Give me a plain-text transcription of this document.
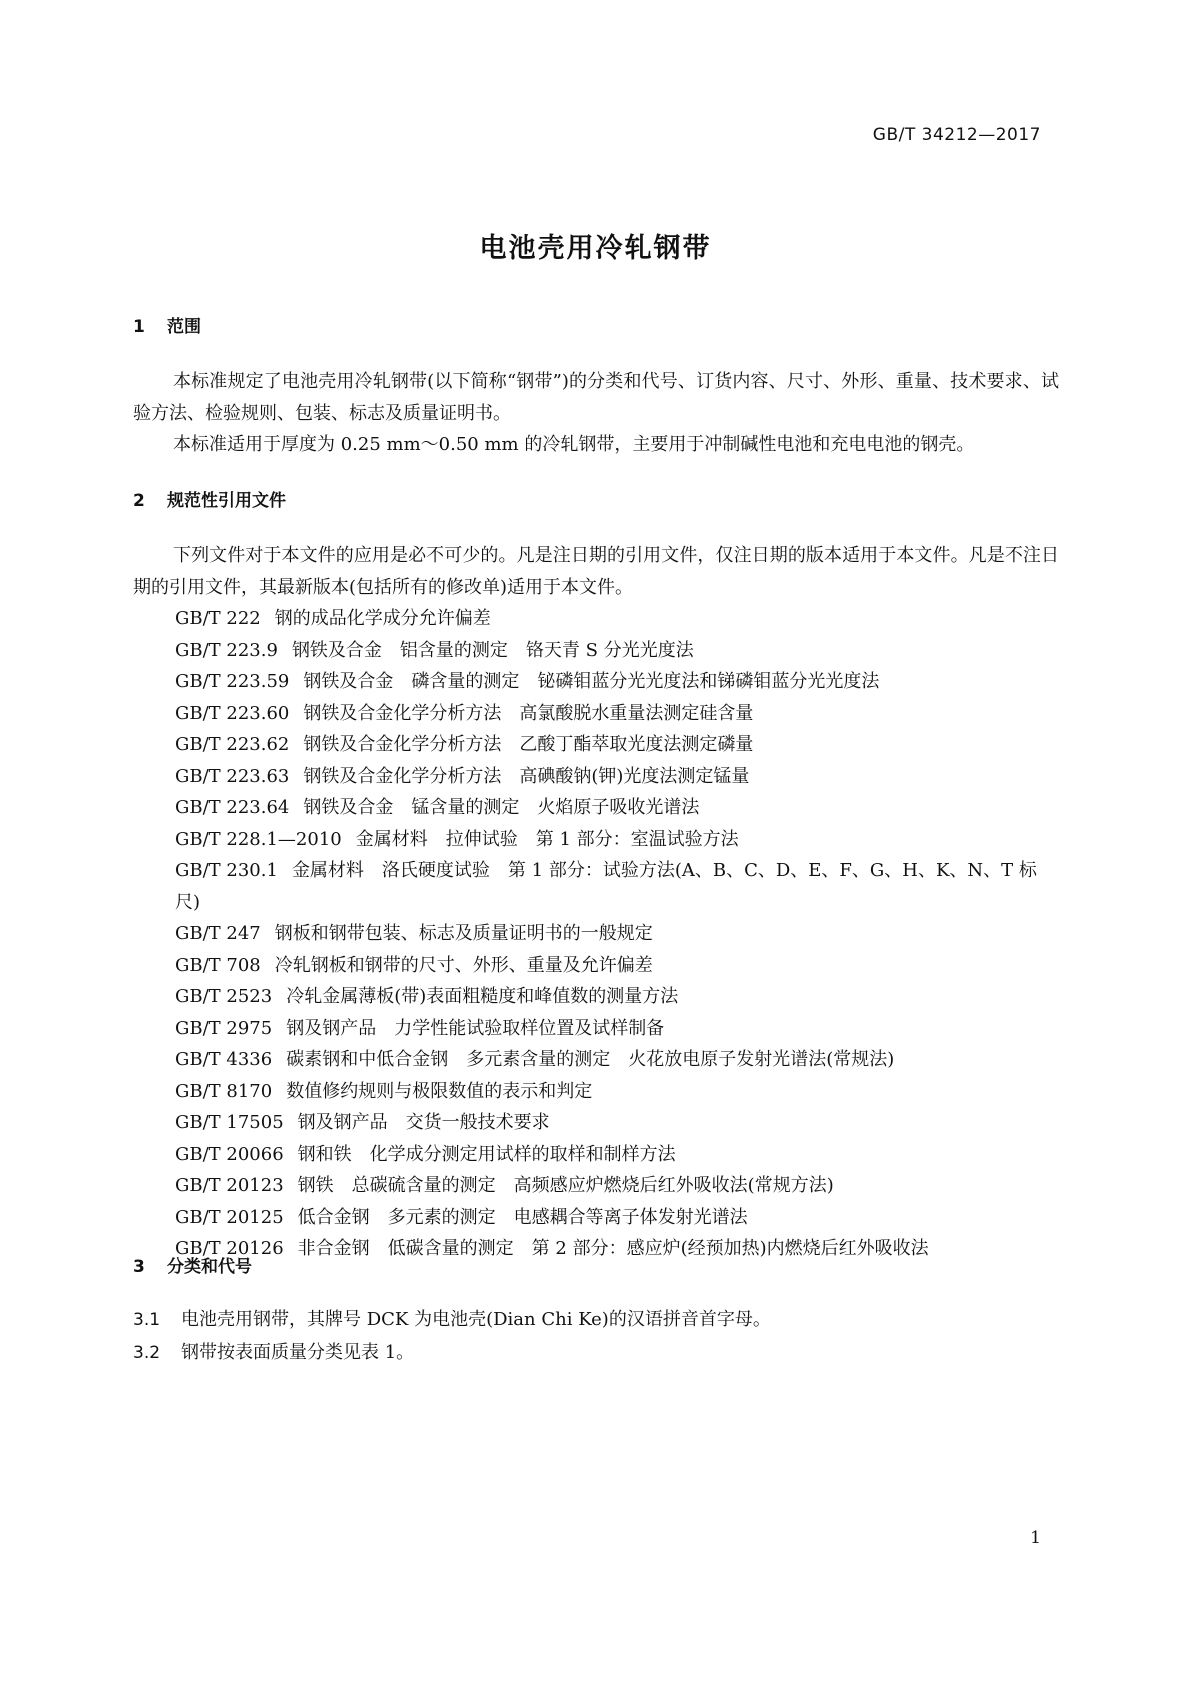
GB/T 34212—2017
电池壳用冷轧钢带
1 范围

本标准规定了电池壳用冷轧钢带(以下简称“钢带”)的分类和代号、订货内容、尺寸、外形、重量、技术要求、试验方法、检验规则、包装、标志及质量证明书。

本标准适用于厚度为 0.25 mm～0.50 mm 的冷轧钢带，主要用于冲制碱性电池和充电电池的钢壳。

2 规范性引用文件

下列文件对于本文件的应用是必不可少的。凡是注日期的引用文件，仅注日期的版本适用于本文件。凡是不注日期的引用文件，其最新版本(包括所有的修改单)适用于本文件。

GB/T 222 钢的成品化学成分允许偏差

GB/T 223.9 钢铁及合金　铝含量的测定　铬天青 S 分光光度法

GB/T 223.59 钢铁及合金　磷含量的测定　铋磷钼蓝分光光度法和锑磷钼蓝分光光度法

GB/T 223.60 钢铁及合金化学分析方法　高氯酸脱水重量法测定硅含量

GB/T 223.62 钢铁及合金化学分析方法　乙酸丁酯萃取光度法测定磷量

GB/T 223.63 钢铁及合金化学分析方法　高碘酸钠(钾)光度法测定锰量

GB/T 223.64 钢铁及合金　锰含量的测定　火焰原子吸收光谱法

GB/T 228.1—2010 金属材料　拉伸试验　第 1 部分：室温试验方法

GB/T 230.1 金属材料　洛氏硬度试验　第 1 部分：试验方法(A、B、C、D、E、F、G、H、K、N、T 标尺)

GB/T 247 钢板和钢带包装、标志及质量证明书的一般规定

GB/T 708 冷轧钢板和钢带的尺寸、外形、重量及允许偏差

GB/T 2523 冷轧金属薄板(带)表面粗糙度和峰值数的测量方法

GB/T 2975 钢及钢产品　力学性能试验取样位置及试样制备

GB/T 4336 碳素钢和中低合金钢　多元素含量的测定　火花放电原子发射光谱法(常规法)

GB/T 8170 数值修约规则与极限数值的表示和判定

GB/T 17505 钢及钢产品　交货一般技术要求

GB/T 20066 钢和铁　化学成分测定用试样的取样和制样方法

GB/T 20123 钢铁　总碳硫含量的测定　高频感应炉燃烧后红外吸收法(常规方法)

GB/T 20125 低合金钢　多元素的测定　电感耦合等离子体发射光谱法

GB/T 20126 非合金钢　低碳含量的测定　第 2 部分：感应炉(经预加热)内燃烧后红外吸收法

3 分类和代号

3.1 电池壳用钢带，其牌号 DCK 为电池壳(Dian Chi Ke)的汉语拼音首字母。

3.2 钢带按表面质量分类见表 1。

1
